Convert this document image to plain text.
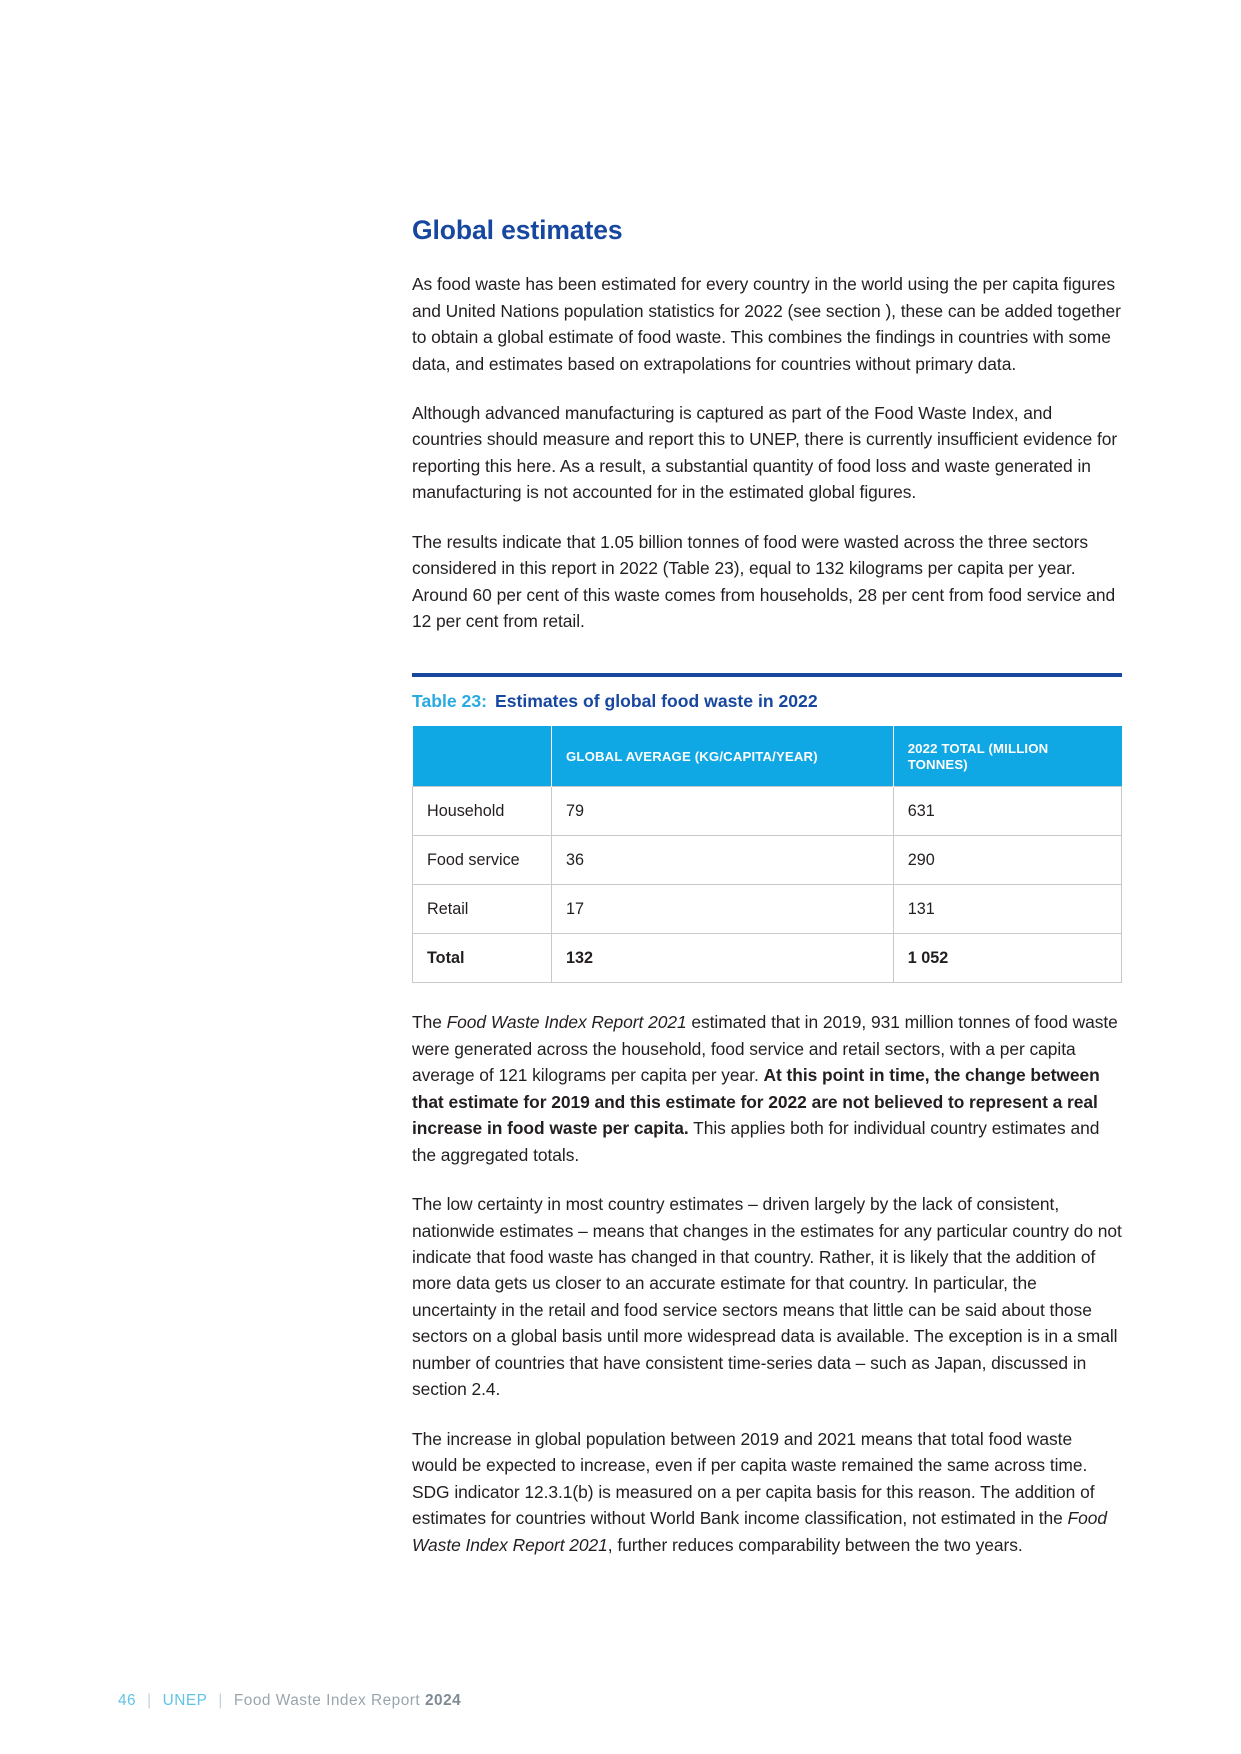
Global estimates

As food waste has been estimated for every country in the world using the per capita figures and United Nations population statistics for 2022 (see section ), these can be added together to obtain a global estimate of food waste. This combines the findings in countries with some data, and estimates based on extrapolations for countries without primary data.

Although advanced manufacturing is captured as part of the Food Waste Index, and countries should measure and report this to UNEP, there is currently insufficient evidence for reporting this here. As a result, a substantial quantity of food loss and waste generated in manufacturing is not accounted for in the estimated global figures.

The results indicate that 1.05 billion tonnes of food were wasted across the three sectors considered in this report in 2022 (Table 23), equal to 132 kilograms per capita per year. Around 60 per cent of this waste comes from households, 28 per cent from food service and 12 per cent from retail.

Table 23: Estimates of global food waste in 2022
	GLOBAL AVERAGE (KG/CAPITA/YEAR)	2022 TOTAL (MILLION TONNES)
Household	79	631
Food service	36	290
Retail	17	131
Total	132	1 052

The Food Waste Index Report 2021 estimated that in 2019, 931 million tonnes of food waste were generated across the household, food service and retail sectors, with a per capita average of 121 kilograms per capita per year. At this point in time, the change between that estimate for 2019 and this estimate for 2022 are not believed to represent a real increase in food waste per capita. This applies both for individual country estimates and the aggregated totals.

The low certainty in most country estimates – driven largely by the lack of consistent, nationwide estimates – means that changes in the estimates for any particular country do not indicate that food waste has changed in that country. Rather, it is likely that the addition of more data gets us closer to an accurate estimate for that country. In particular, the uncertainty in the retail and food service sectors means that little can be said about those sectors on a global basis until more widespread data is available. The exception is in a small number of countries that have consistent time-series data – such as Japan, discussed in section 2.4.

The increase in global population between 2019 and 2021 means that total food waste would be expected to increase, even if per capita waste remained the same across time. SDG indicator 12.3.1(b) is measured on a per capita basis for this reason. The addition of estimates for countries without World Bank income classification, not estimated in the Food Waste Index Report 2021, further reduces comparability between the two years.

46 | UNEP | Food Waste Index Report 2024
